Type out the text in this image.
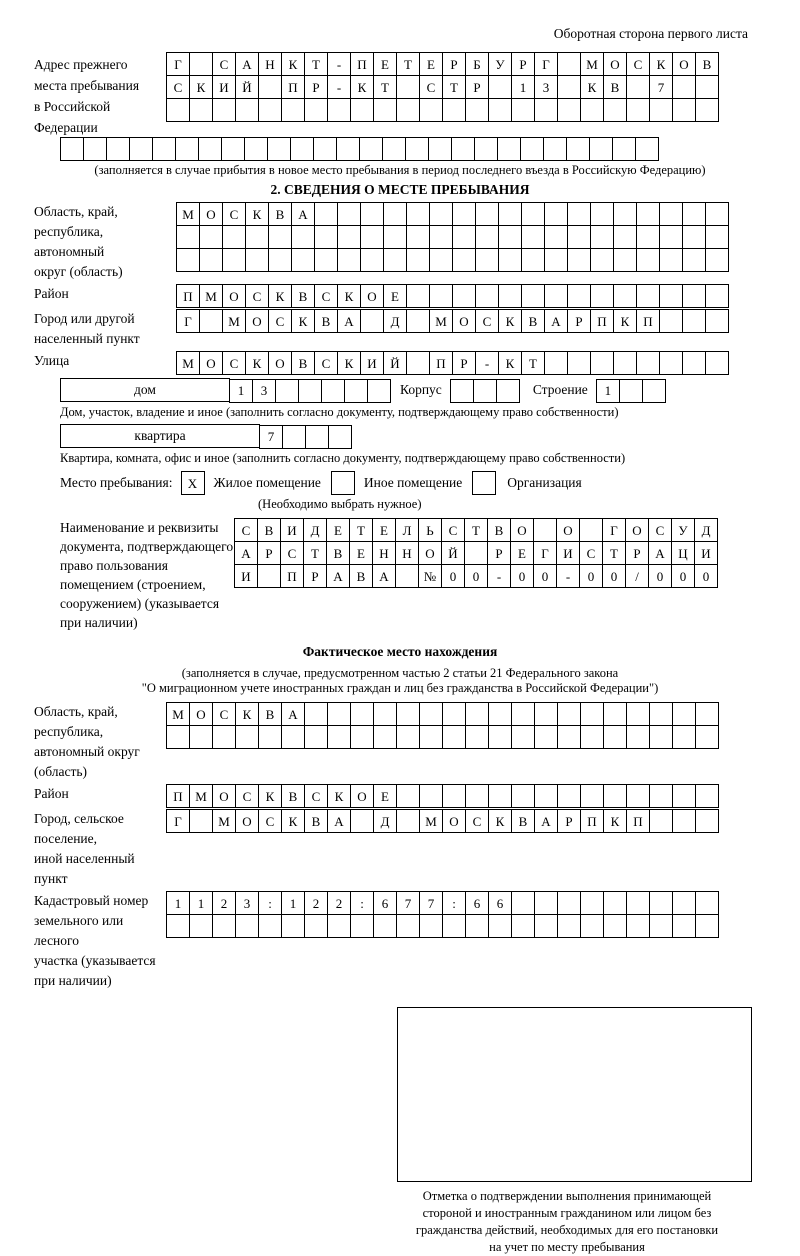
Оборотная сторона первого листа
Адрес прежнего
места пребывания
в Российской
Федерации
Г	С	А	Н	К	Т	-	П	Е	Т	Е	Р	Б	У	Р	Г	М О	С	К	О	В
С	К	И	Й	П	Р	-	К	Т	С	Т	Р	1	3	К	В	7
(заполняется в случае прибытия в новое место пребывания в период последнего въезда в Российскую Федерацию)
2. СВЕДЕНИЯ О МЕСТЕ ПРЕБЫВАНИЯ
Область, край,
республика,
автономный
округ (область)
М О	С	К	В	А
Район	П М О	С	К	В	С	К	О	Е
Город или другой
населенный пункт
Г	М О	С	К	В	А	Д	М О	С	К	В	А	Р	П	К	П
Улица	М О	С	К	О	В	С	К	И	Й	П	Р	-	К	Т
дом	1	3	Корпус	Строение	1
Дом, участок, владение и иное (заполнить согласно документу, подтверждающему право собственности)
квартира	7
Квартира, комната, офис и иное (заполнить согласно документу, подтверждающему право собственности)
Место пребывания:	X	Жилое помещение	Иное помещение	Организация
(Необходимо выбрать нужное)
Наименование и реквизиты
документа, подтверждающего
право пользования
помещением (строением,
сооружением) (указывается
при наличии)
С	В	И	Д	Е	Т	Е	Л	Ь	С	Т	В	О	О	Г	О	С	У	Д
А	Р	С	Т	В	Е	Н	Н	О	Й	Р	Е	Г	И	С	Т	Р	А	Ц	И
И	П	Р	А	В	А	№	0	0	-	0	0	-	0	0	/	0	0	0
Фактическое место нахождения
(заполняется в случае, предусмотренном частью 2 статьи 21 Федерального закона
"О миграционном учете иностранных граждан и лиц без гражданства в Российской Федерации")
Область, край,
республика,
автономный округ
(область)
М О	С	К	В	А
Район	П М О	С	К	В	С	К	О	Е
Город, сельское поселение,
иной населенный пункт
Г	М О	С	К	В	А	Д	М О	С	К	В	А	Р	П	К	П
Кадастровый номер
земельного или лесного
участка (указывается
при наличии)
1	1	2	3	:	1	2	2	:	6	7	7	:	6	6
Отметка о подтверждении выполнения принимающей
стороной и иностранным гражданином или лицом без
гражданства действий, необходимых для его постановки
на учет по месту пребывания
